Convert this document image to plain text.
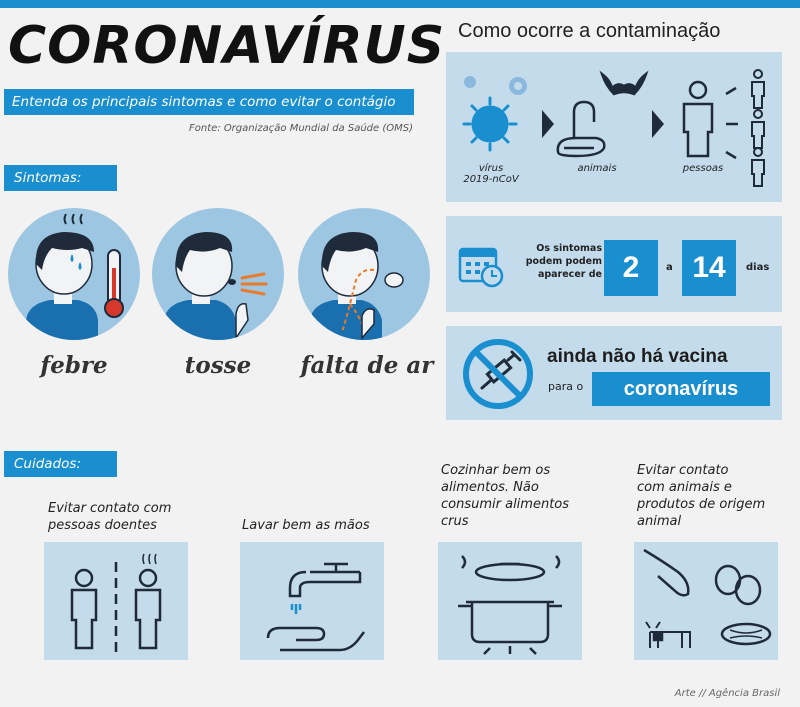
CORONAVÍRUS
Entenda os principais sintomas e como evitar o contágio
Fonte: Organização Mundial da Saúde (OMS)
Sintomas:
febre	tosse	falta de ar
Como ocorre a contaminação
vírus
2019-nCoV
animais	pessoas
Os sintomas
podem podem
aparecer de 2	a 14	dias
ainda não há vacina
para o	coronavírus
Cuidados:
Evitar contato com
pessoas doentes	Lavar bem as mãos
Cozinhar bem os
alimentos. Não
consumir alimentos
crus
Evitar contato
com animais e
produtos de origem
animal
Arte // Agência Brasil
